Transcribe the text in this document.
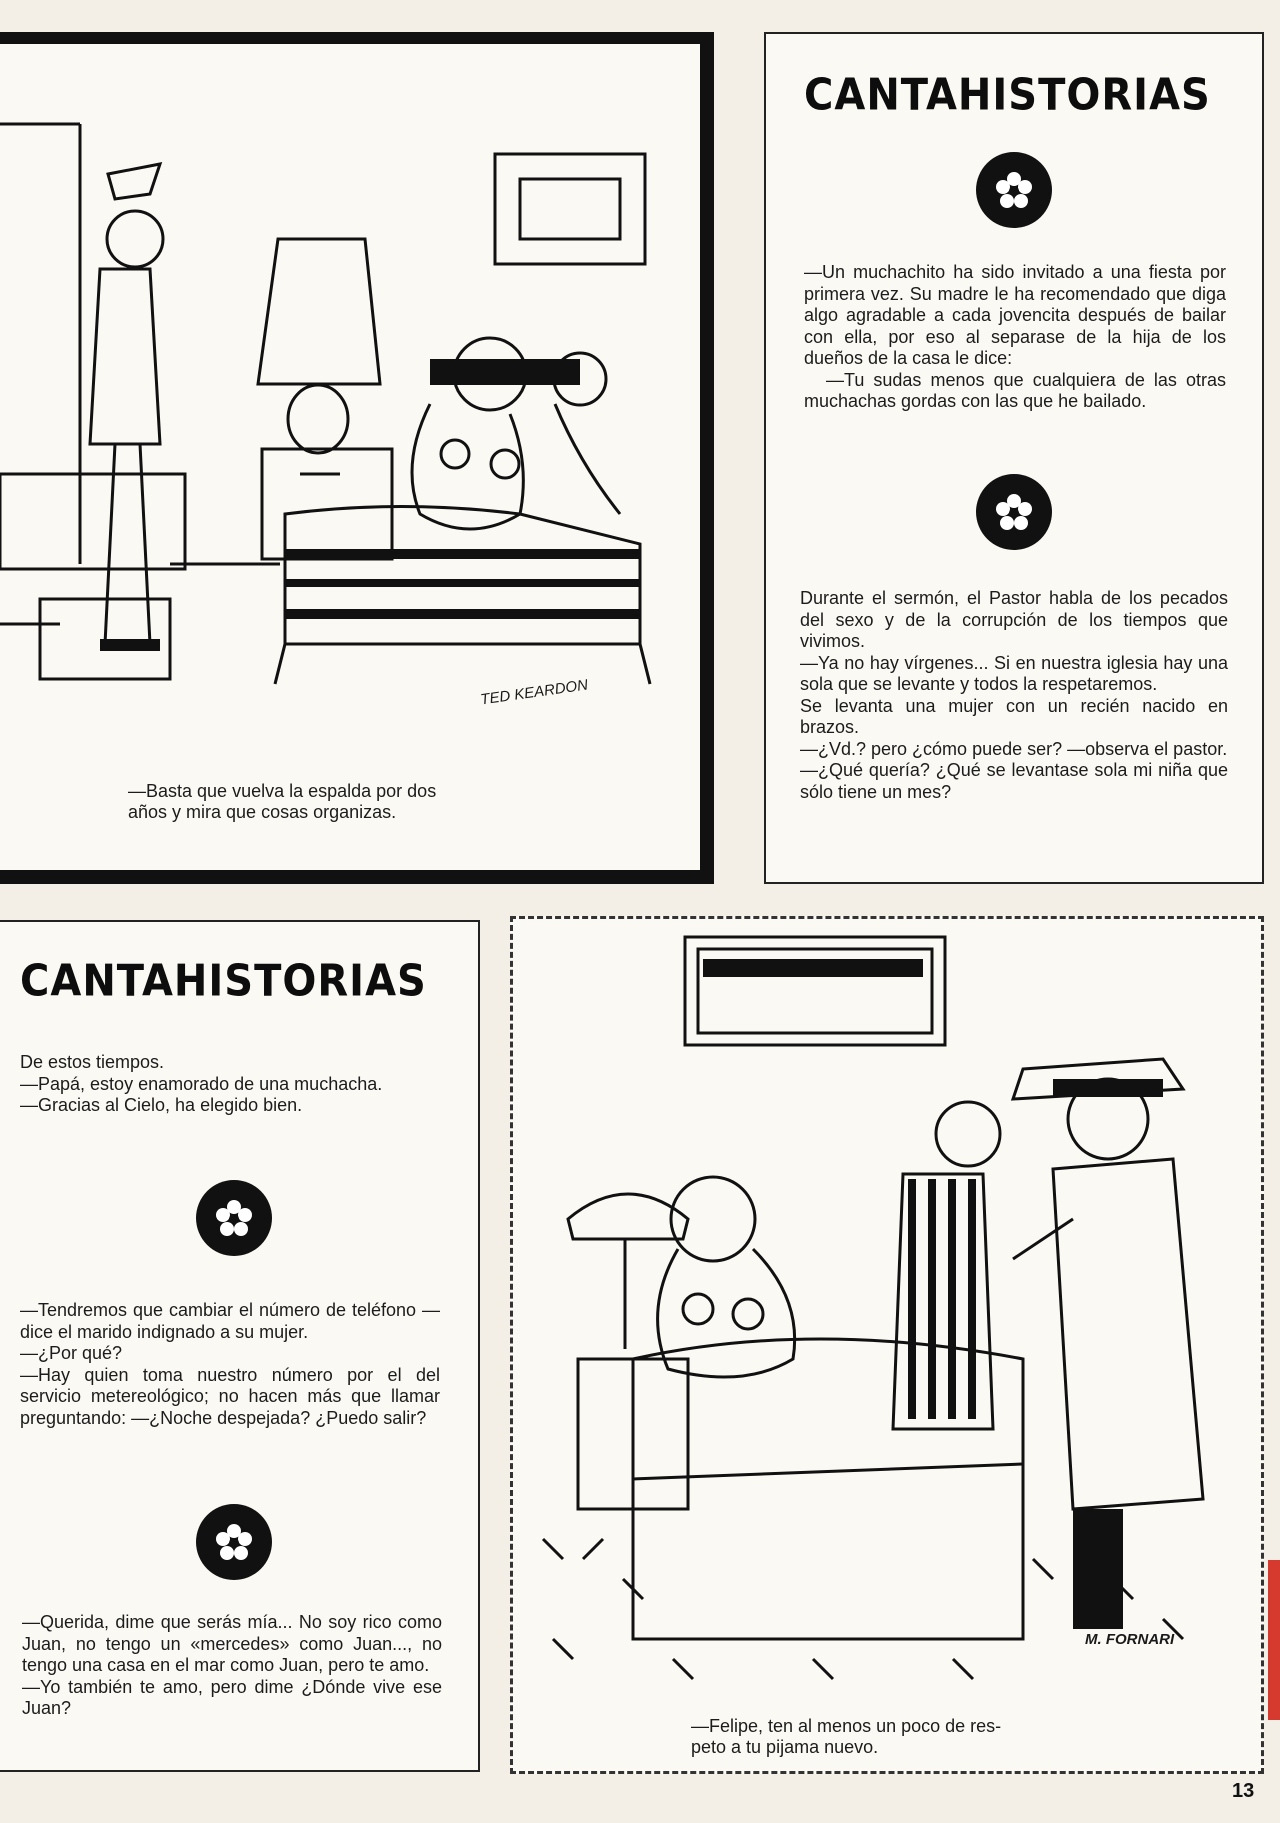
TED KEARDON

—Basta que vuelva la espalda por dos

años y mira que cosas organizas.

CANTAHISTORIAS

—Un muchachito ha sido invitado a una fiesta por primera vez. Su madre le ha recomendado que diga algo agradable a cada jovencita después de bailar con ella, por eso al separase de la hija de los dueños de la casa le dice:

—Tu sudas menos que cualquiera de las otras muchachas gordas con las que he bailado.

Durante el sermón, el Pastor habla de los pecados del sexo y de la corrupción de los tiempos que vivimos.

—Ya no hay vírgenes... Si en nuestra iglesia hay una sola que se levante y todos la respetaremos.

Se levanta una mujer con un recién nacido en brazos.

—¿Vd.? pero ¿cómo puede ser? —observa el pastor.

—¿Qué quería? ¿Qué se levantase sola mi niña que sólo tiene un mes?

CANTAHISTORIAS

De estos tiempos.

—Papá, estoy enamorado de una muchacha.

—Gracias al Cielo, ha elegido bien.

—Tendremos que cambiar el número de teléfono —dice el marido indignado a su mujer.

—¿Por qué?

—Hay quien toma nuestro número por el del servicio metereológico; no hacen más que llamar preguntando: —¿Noche despejada? ¿Puedo salir?

—Querida, dime que serás mía... No soy rico como Juan, no tengo un «mercedes» como Juan..., no tengo una casa en el mar como Juan, pero te amo.

—Yo también te amo, pero dime ¿Dónde vive ese Juan?

M. FORNARI

—Felipe, ten al menos un poco de res-

peto a tu pijama nuevo.

13
